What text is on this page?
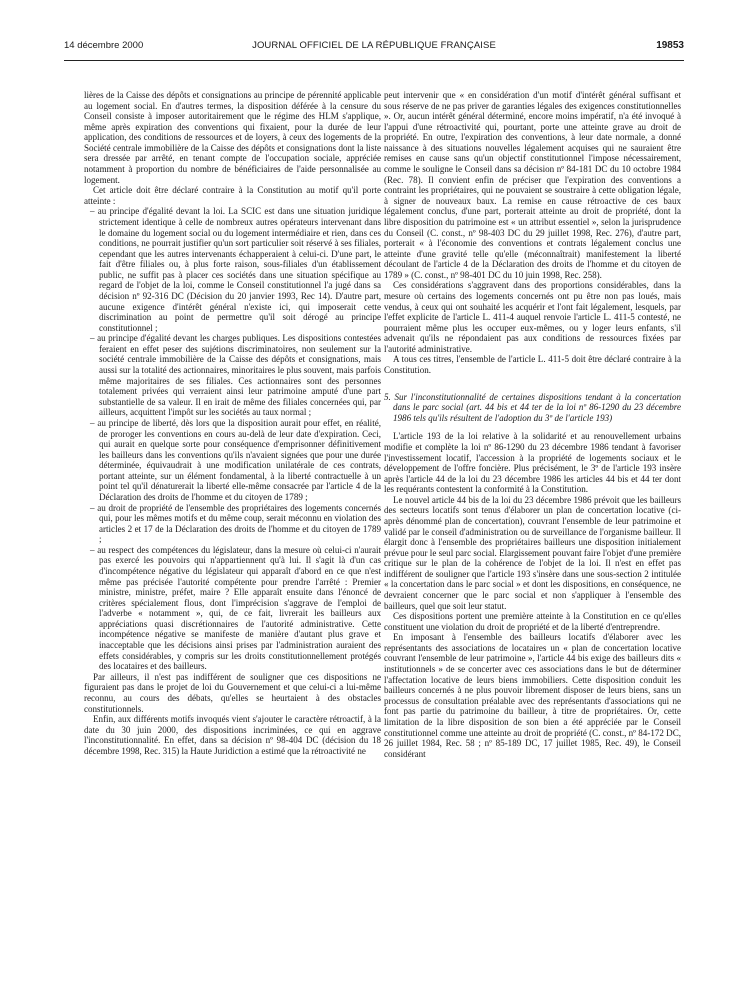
14 décembre 2000	JOURNAL OFFICIEL DE LA RÉPUBLIQUE FRANÇAISE	19853

lières de la Caisse des dépôts et consignations au principe de pérennité applicable au logement social. En d'autres termes, la disposition déférée à la censure du Conseil consiste à imposer autoritairement que le régime des HLM s'applique, même après expiration des conventions qui fixaient, pour la durée de leur application, des conditions de ressources et de loyers, à ceux des logements de la Société centrale immobilière de la Caisse des dépôts et consignations dont la liste sera dressée par arrêté, en tenant compte de l'occupation sociale, appréciée notamment à proportion du nombre de bénéficiaires de l'aide personnalisée au logement.

Cet article doit être déclaré contraire à la Constitution au motif qu'il porte atteinte :

– au principe d'égalité devant la loi. La SCIC est dans une situation juridique strictement identique à celle de nombreux autres opérateurs intervenant dans le domaine du logement social ou du logement intermédiaire et rien, dans ces conditions, ne pourrait justifier qu'un sort particulier soit réservé à ses filiales, cependant que les autres intervenants échapperaient à celui-ci. D'une part, le fait d'être filiales ou, à plus forte raison, sous-filiales d'un établissement public, ne suffit pas à placer ces sociétés dans une situation spécifique au regard de l'objet de la loi, comme le Conseil constitutionnel l'a jugé dans sa décision nº 92-316 DC (Décision du 20 janvier 1993, Rec 14). D'autre part, aucune exigence d'intérêt général n'existe ici, qui imposerait cette discrimination au point de permettre qu'il soit dérogé au principe constitutionnel ;

– au principe d'égalité devant les charges publiques. Les dispositions contestées feraient en effet peser des sujétions discriminatoires, non seulement sur la société centrale immobilière de la Caisse des dépôts et consignations, mais aussi sur la totalité des actionnaires, minoritaires le plus souvent, mais parfois même majoritaires de ses filiales. Ces actionnaires sont des personnes totalement privées qui verraient ainsi leur patrimoine amputé d'une part substantielle de sa valeur. Il en irait de même des filiales concernées qui, par ailleurs, acquittent l'impôt sur les sociétés au taux normal ;

– au principe de liberté, dès lors que la disposition aurait pour effet, en réalité, de proroger les conventions en cours au-delà de leur date d'expiration. Ceci, qui aurait en quelque sorte pour conséquence d'emprisonner définitivement les bailleurs dans les conventions qu'ils n'avaient signées que pour une durée déterminée, équivaudrait à une modification unilatérale de ces contrats, portant atteinte, sur un élément fondamental, à la liberté contractuelle à un point tel qu'il dénaturerait la liberté elle-même consacrée par l'article 4 de la Déclaration des droits de l'homme et du citoyen de 1789 ;

– au droit de propriété de l'ensemble des propriétaires des logements concernés qui, pour les mêmes motifs et du même coup, serait méconnu en violation des articles 2 et 17 de la Déclaration des droits de l'homme et du citoyen de 1789 ;

– au respect des compétences du législateur, dans la mesure où celui-ci n'aurait pas exercé les pouvoirs qui n'appartiennent qu'à lui. Il s'agit là d'un cas d'incompétence négative du législateur qui apparaît d'abord en ce que n'est même pas précisée l'autorité compétente pour prendre l'arrêté : Premier ministre, ministre, préfet, maire ? Elle apparaît ensuite dans l'énoncé de critères spécialement flous, dont l'imprécision s'aggrave de l'emploi de l'adverbe « notamment », qui, de ce fait, livrerait les bailleurs aux appréciations quasi discrétionnaires de l'autorité administrative. Cette incompétence négative se manifeste de manière d'autant plus grave et inacceptable que les décisions ainsi prises par l'administration auraient des effets considérables, y compris sur les droits constitutionnellement protégés des locataires et des bailleurs.

Par ailleurs, il n'est pas indifférent de souligner que ces dispositions ne figuraient pas dans le projet de loi du Gouvernement et que celui-ci a lui-même reconnu, au cours des débats, qu'elles se heurtaient à des obstacles constitutionnels.

Enfin, aux différents motifs invoqués vient s'ajouter le caractère rétroactif, à la date du 30 juin 2000, des dispositions incriminées, ce qui en aggrave l'inconstitutionnalité. En effet, dans sa décision nº 98-404 DC (décision du 18 décembre 1998, Rec. 315) la Haute Juridiction a estimé que la rétroactivité ne

peut intervenir que « en considération d'un motif d'intérêt général suffisant et sous réserve de ne pas priver de garanties légales des exigences constitutionnelles ». Or, aucun intérêt général déterminé, encore moins impératif, n'a été invoqué à l'appui d'une rétroactivité qui, pourtant, porte une atteinte grave au droit de propriété. En outre, l'expiration des conventions, à leur date normale, a donné naissance à des situations nouvelles légalement acquises qui ne sauraient être remises en cause sans qu'un objectif constitutionnel l'impose nécessairement, comme le souligne le Conseil dans sa décision nº 84-181 DC du 10 octobre 1984 (Rec. 78). Il convient enfin de préciser que l'expiration des conventions a contraint les propriétaires, qui ne pouvaient se soustraire à cette obligation légale, à signer de nouveaux baux. La remise en cause rétroactive de ces baux légalement conclus, d'une part, porterait atteinte au droit de propriété, dont la libre disposition du patrimoine est « un attribut essentiel », selon la jurisprudence du Conseil (C. const., nº 98-403 DC du 29 juillet 1998, Rec. 276), d'autre part, porterait « à l'économie des conventions et contrats légalement conclus une atteinte d'une gravité telle qu'elle (méconnaîtrait) manifestement la liberté découlant de l'article 4 de la Déclaration des droits de l'homme et du citoyen de 1789 » (C. const., nº 98-401 DC du 10 juin 1998, Rec. 258).

Ces considérations s'aggravent dans des proportions considérables, dans la mesure où certains des logements concernés ont pu être non pas loués, mais vendus, à ceux qui ont souhaité les acquérir et l'ont fait légalement, lesquels, par l'effet explicite de l'article L. 411-4 auquel renvoie l'article L. 411-5 contesté, ne pourraient même plus les occuper eux-mêmes, ou y loger leurs enfants, s'il advenait qu'ils ne répondaient pas aux conditions de ressources fixées par l'autorité administrative.

A tous ces titres, l'ensemble de l'article L. 411-5 doit être déclaré contraire à la Constitution.

5. Sur l'inconstitutionnalité de certaines dispositions tendant à la concertation dans le parc social (art. 44 bis et 44 ter de la loi nº 86-1290 du 23 décembre 1986 tels qu'ils résultent de l'adoption du 3º de l'article 193)

L'article 193 de la loi relative à la solidarité et au renouvellement urbains modifie et complète la loi nº 86-1290 du 23 décembre 1986 tendant à favoriser l'investissement locatif, l'accession à la propriété de logements sociaux et le développement de l'offre foncière. Plus précisément, le 3º de l'article 193 insère après l'article 44 de la loi du 23 décembre 1986 les articles 44 bis et 44 ter dont les requérants contestent la conformité à la Constitution.

Le nouvel article 44 bis de la loi du 23 décembre 1986 prévoit que les bailleurs des secteurs locatifs sont tenus d'élaborer un plan de concertation locative (ci-après dénommé plan de concertation), couvrant l'ensemble de leur patrimoine et validé par le conseil d'administration ou de surveillance de l'organisme bailleur. Il élargit donc à l'ensemble des propriétaires bailleurs une disposition initialement prévue pour le seul parc social. Elargissement pouvant faire l'objet d'une première critique sur le plan de la cohérence de l'objet de la loi. Il n'est en effet pas indifférent de souligner que l'article 193 s'insère dans une sous-section 2 intitulée « la concertation dans le parc social » et dont les dispositions, en conséquence, ne devraient concerner que le parc social et non s'appliquer à l'ensemble des bailleurs, quel que soit leur statut.

Ces dispositions portent une première atteinte à la Constitution en ce qu'elles constituent une violation du droit de propriété et de la liberté d'entreprendre.

En imposant à l'ensemble des bailleurs locatifs d'élaborer avec les représentants des associations de locataires un « plan de concertation locative couvrant l'ensemble de leur patrimoine », l'article 44 bis exige des bailleurs dits « institutionnels » de se concerter avec ces associations dans le but de déterminer l'affectation locative de leurs biens immobiliers. Cette disposition conduit les bailleurs concernés à ne plus pouvoir librement disposer de leurs biens, sans un processus de consultation préalable avec des représentants d'associations qui ne font pas partie du patrimoine du bailleur, à titre de propriétaires. Or, cette limitation de la libre disposition de son bien a été appréciée par le Conseil constitutionnel comme une atteinte au droit de propriété (C. const., nº 84-172 DC, 26 juillet 1984, Rec. 58 ; nº 85-189 DC, 17 juillet 1985, Rec. 49), le Conseil considérant
